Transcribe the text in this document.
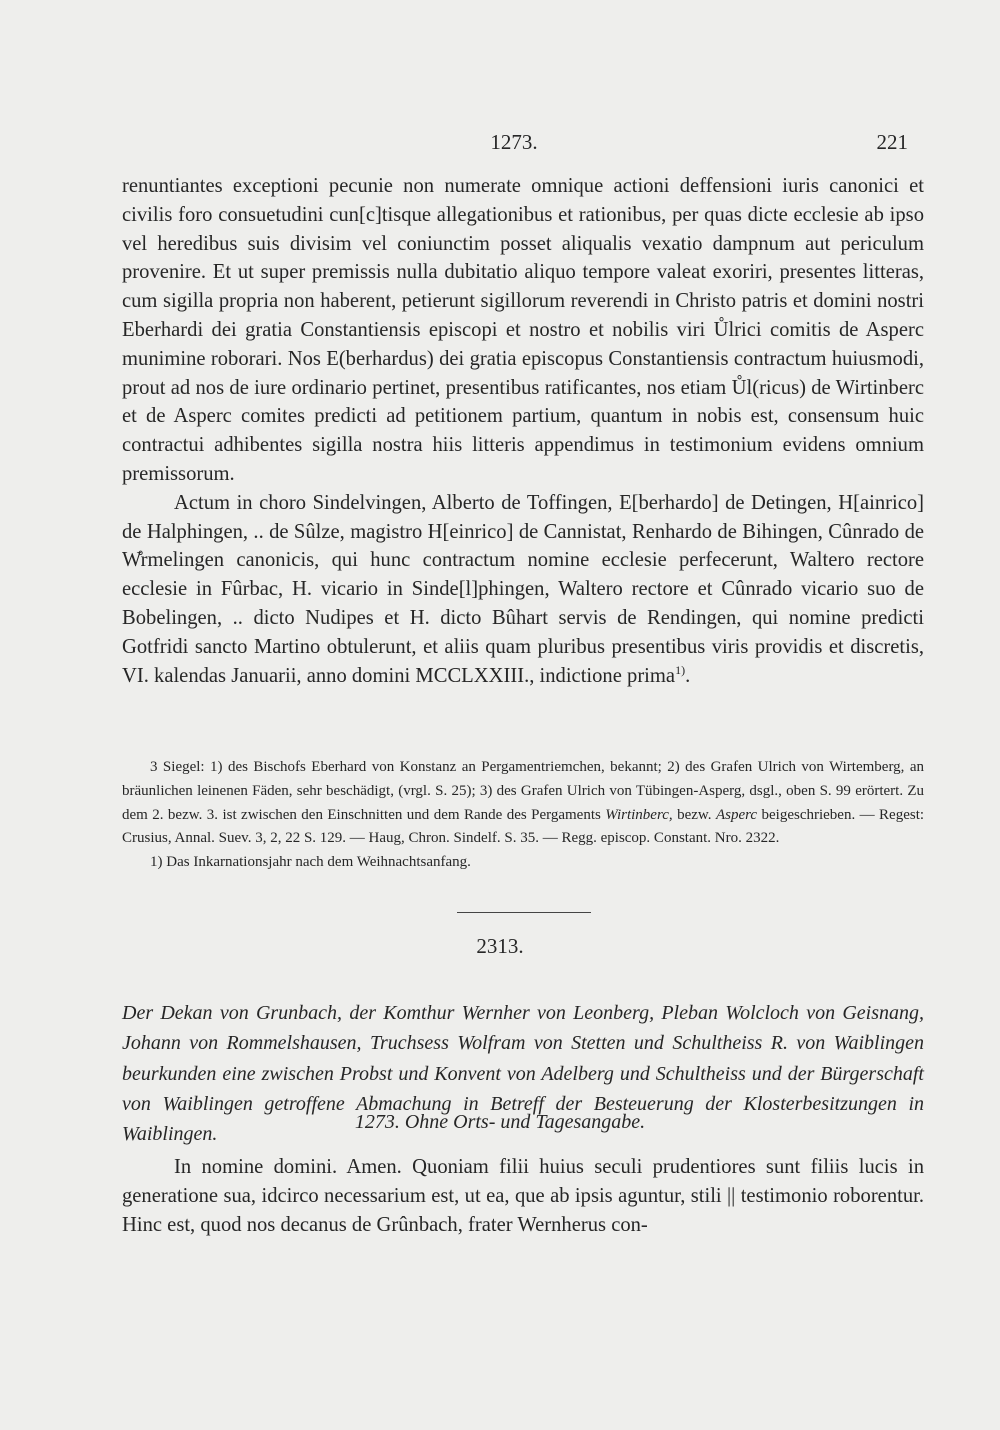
1273.	221

renuntiantes exceptioni pecunie non numerate omnique actioni deffensioni iuris canonici et civilis foro consuetudini cun[c]tisque allegationibus et rationibus, per quas dicte ecclesie ab ipso vel heredibus suis divisim vel coniunctim posset aliqualis vexatio dampnum aut periculum provenire. Et ut super premissis nulla dubitatio aliquo tempore valeat exoriri, presentes litteras, cum sigilla propria non haberent, petierunt sigillorum reverendi in Christo patris et domini nostri Eberhardi dei gratia Constantiensis episcopi et nostro et nobilis viri Ůlrici comitis de Asperc munimine roborari. Nos E(berhardus) dei gratia episcopus Constantiensis contractum huiusmodi, prout ad nos de iure ordinario pertinet, presentibus ratificantes, nos etiam Ůl(ricus) de Wirtinberc et de Asperc comites predicti ad petitionem partium, quantum in nobis est, consensum huic contractui adhibentes sigilla nostra hiis litteris appendimus in testimonium evidens omnium premissorum.

Actum in choro Sindelvingen, Alberto de Toffingen, E[berhardo] de Detingen, H[ainrico] de Halphingen, .. de Sûlze, magistro H[einrico] de Cannistat, Renhardo de Bihingen, Cûnrado de W̊rmelingen canonicis, qui hunc contractum nomine ecclesie perfecerunt, Waltero rectore ecclesie in Fûrbac, H. vicario in Sinde[l]phingen, Waltero rectore et Cûnrado vicario suo de Bobelingen, .. dicto Nudipes et H. dicto Bûhart servis de Rendingen, qui nomine predicti Gotfridi sancto Martino obtulerunt, et aliis quam pluribus presentibus viris providis et discretis, VI. kalendas Januarii, anno domini MCCLXXIII., indictione prima$^{1)}$.

3 Siegel: 1) des Bischofs Eberhard von Konstanz an Pergamentriemchen, bekannt; 2) des Grafen Ulrich von Wirtemberg, an bräunlichen leinenen Fäden, sehr beschädigt, (vrgl. S. 25); 3) des Grafen Ulrich von Tübingen-Asperg, dsgl., oben S. 99 erörtert. Zu dem 2. bezw. 3. ist zwischen den Einschnitten und dem Rande des Pergaments Wirtinberc, bezw. Asperc beigeschrieben. — Regest: Crusius, Annal. Suev. 3, 2, 22 S. 129. — Haug, Chron. Sindelf. S. 35. — Regg. episcop. Constant. Nro. 2322.

1) Das Inkarnationsjahr nach dem Weihnachtsanfang.

2313.

Der Dekan von Grunbach, der Komthur Wernher von Leonberg, Pleban Wolcloch von Geisnang, Johann von Rommelshausen, Truchsess Wolfram von Stetten und Schultheiss R. von Waiblingen beurkunden eine zwischen Probst und Konvent von Adelberg und Schultheiss und der Bürgerschaft von Waiblingen getroffene Abmachung in Betreff der Besteuerung der Klosterbesitzungen in Waiblingen.

1273. Ohne Orts- und Tagesangabe.

In nomine domini. Amen. Quoniam filii huius seculi prudentiores sunt filiis lucis in generatione sua, idcirco necessarium est, ut ea, que ab ipsis aguntur, stili || testimonio roborentur. Hinc est, quod nos decanus de Grûnbach, frater Wernherus con-
